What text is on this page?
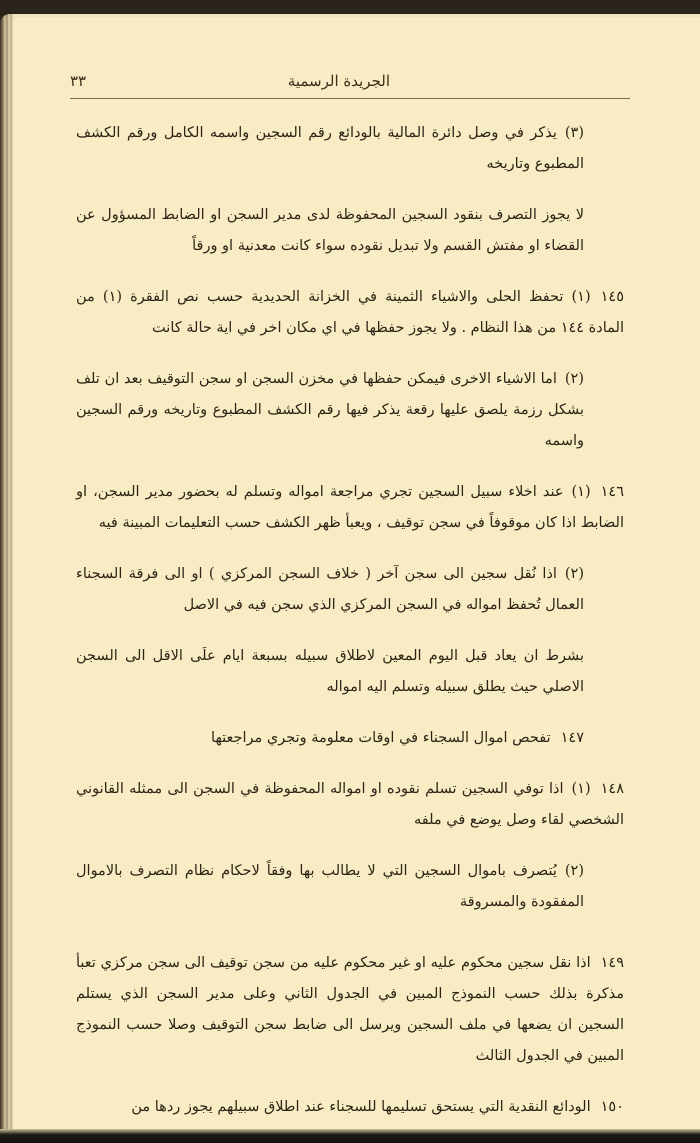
الجريدة الرسمية
٣٣

(٣)يذكر في وصل دائرة المالية بالودائع رقم السجين واسمه الكامل ورقم الكشف المطبوع وتاريخه

لا يجوز التصرف بنقود السجين المحفوظة لدى مدير السجن او الضابط المسؤول عن القضاء او مفتش القسم ولا تبديل نقوده سواء كانت معدنية او ورقاً

١٤٥(١)تحفظ الحلى والاشياء الثمينة في الخزانة الحديدية حسب نص الفقرة (١) من المادة ١٤٤ من هذا النظام . ولا يجوز حفظها في اي مكان اخر في اية حالة كانت

(٢)اما الاشياء الاخرى فيمكن حفظها في مخزن السجن او سجن التوقيف بعد ان تلف بشكل رزمة يلصق عليها رقعة يذكر فيها رقم الكشف المطبوع وتاريخه ورقم السجين واسمه

١٤٦(١)عند اخلاء سبيل السجين تجري مراجعة امواله وتسلم له بحضور مدير السجن، او الضابط اذا كان موقوفاً في سجن توقيف ، ويعبأ ظهر الكشف حسب التعليمات المبينة فيه

(٢)اذا نُقل سجين الى سجن آخر ( خلاف السجن المركزي ) او الى فرقة السجناء العمال تُحفظ امواله في السجن المركزي الذي سجن فيه في الاصل

بشرط ان يعاد قبل اليوم المعين لاطلاق سبيله بسبعة ايام علَى الاقل الى السجن الاصلي حيث يطلق سبيله وتسلم اليه امواله

١٤٧تفحص اموال السجناء في اوقات معلومة وتجري مراجعتها

١٤٨(١)اذا توفي السجين تسلم نقوده او امواله المحفوظة في السجن الى ممثله القانوني الشخصي لقاء وصل يوضع في ملفه

(٢)يُتصرف باموال السجين التي لا يطالب بها وفقاً لاحكام نظام التصرف بالاموال المفقودة والمسروقة

١٤٩اذا نقل سجين محكوم عليه او غير محكوم عليه من سجن توقيف الى سجن مركزي تعبأ مذكرة بذلك حسب النموذج المبين في الجدول الثاني وعلى مدير السجن الذي يستلم السجين ان يضعها في ملف السجين ويرسل الى ضابط سجن التوقيف وصلا حسب النموذج المبين في الجدول الثالث

١٥٠الودائع النقدية التي يستحق تسليمها للسجناء عند اطلاق سبيلهم يجوز ردها من
